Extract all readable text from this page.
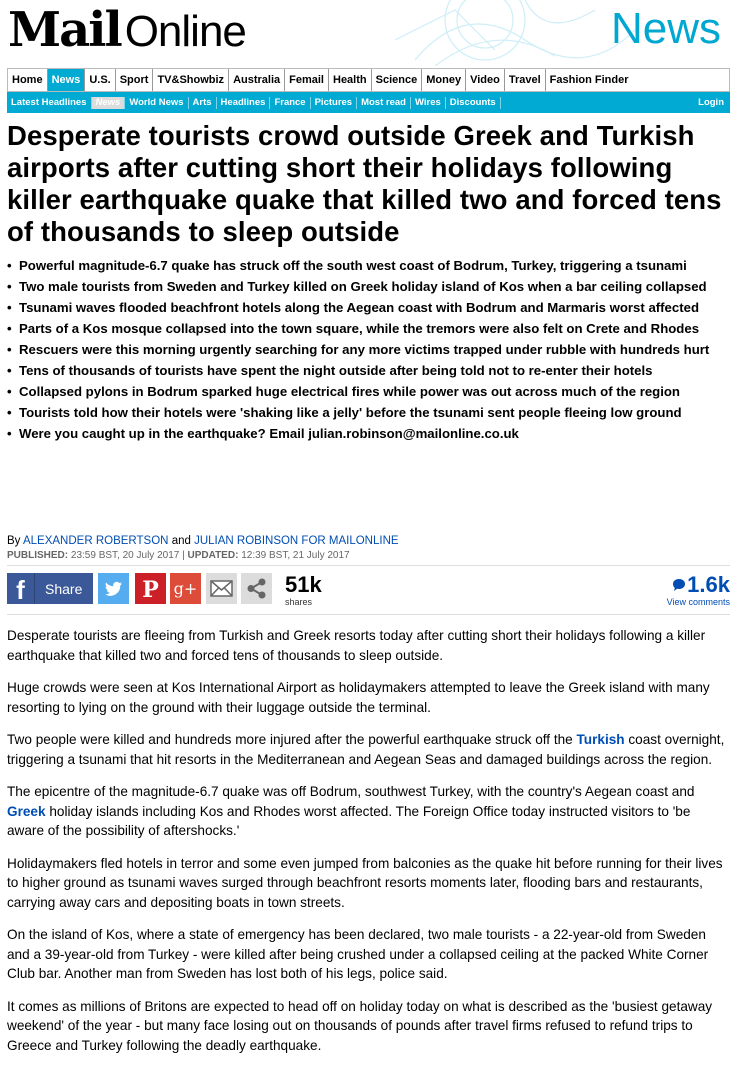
Mail Online	News
Home News U.S. Sport TV&Showbiz Australia Femail Health Science Money Video Travel Fashion Finder
Latest Headlines News World News Arts Headlines France Pictures Most read Wires Discounts	Login
Desperate tourists crowd outside Greek and Turkish airports after cutting short their holidays following killer earthquake quake that killed two and forced tens of thousands to sleep outside
• Powerful magnitude-6.7 quake has struck off the south west coast of Bodrum, Turkey, triggering a tsunami
• Two male tourists from Sweden and Turkey killed on Greek holiday island of Kos when a bar ceiling collapsed
• Tsunami waves flooded beachfront hotels along the Aegean coast with Bodrum and Marmaris worst affected
• Parts of a Kos mosque collapsed into the town square, while the tremors were also felt on Crete and Rhodes
• Rescuers were this morning urgently searching for any more victims trapped under rubble with hundreds hurt
• Tens of thousands of tourists have spent the night outside after being told not to re-enter their hotels
• Collapsed pylons in Bodrum sparked huge electrical fires while power was out across much of the region
• Tourists told how their hotels were 'shaking like a jelly' before the tsunami sent people fleeing low ground
• Were you caught up in the earthquake? Email julian.robinson@mailonline.co.uk
By ALEXANDER ROBERTSON and JULIAN ROBINSON FOR MAILONLINE
PUBLISHED: 23:59 BST, 20 July 2017 | UPDATED: 12:39 BST, 21 July 2017
f	Share	P g+	51k
shares
1.6k
View comments

Desperate tourists are fleeing from Turkish and Greek resorts today after cutting short their holidays following a killer earthquake that killed two and forced tens of thousands to sleep outside.

Huge crowds were seen at Kos International Airport as holidaymakers attempted to leave the Greek island with many resorting to lying on the ground with their luggage outside the terminal.

Two people were killed and hundreds more injured after the powerful earthquake struck off the Turkish coast overnight, triggering a tsunami that hit resorts in the Mediterranean and Aegean Seas and damaged buildings across the region.

The epicentre of the magnitude-6.7 quake was off Bodrum, southwest Turkey, with the country's Aegean coast and Greek holiday islands including Kos and Rhodes worst affected. The Foreign Office today instructed visitors to 'be aware of the possibility of aftershocks.'

Holidaymakers fled hotels in terror and some even jumped from balconies as the quake hit before running for their lives to higher ground as tsunami waves surged through beachfront resorts moments later, flooding bars and restaurants, carrying away cars and depositing boats in town streets.

On the island of Kos, where a state of emergency has been declared, two male tourists - a 22-year-old from Sweden and a 39-year-old from Turkey - were killed after being crushed under a collapsed ceiling at the packed White Corner Club bar. Another man from Sweden has lost both of his legs, police said.

It comes as millions of Britons are expected to head off on holiday today on what is described as the 'busiest getaway weekend' of the year - but many face losing out on thousands of pounds after travel firms refused to refund trips to Greece and Turkey following the deadly earthquake.
